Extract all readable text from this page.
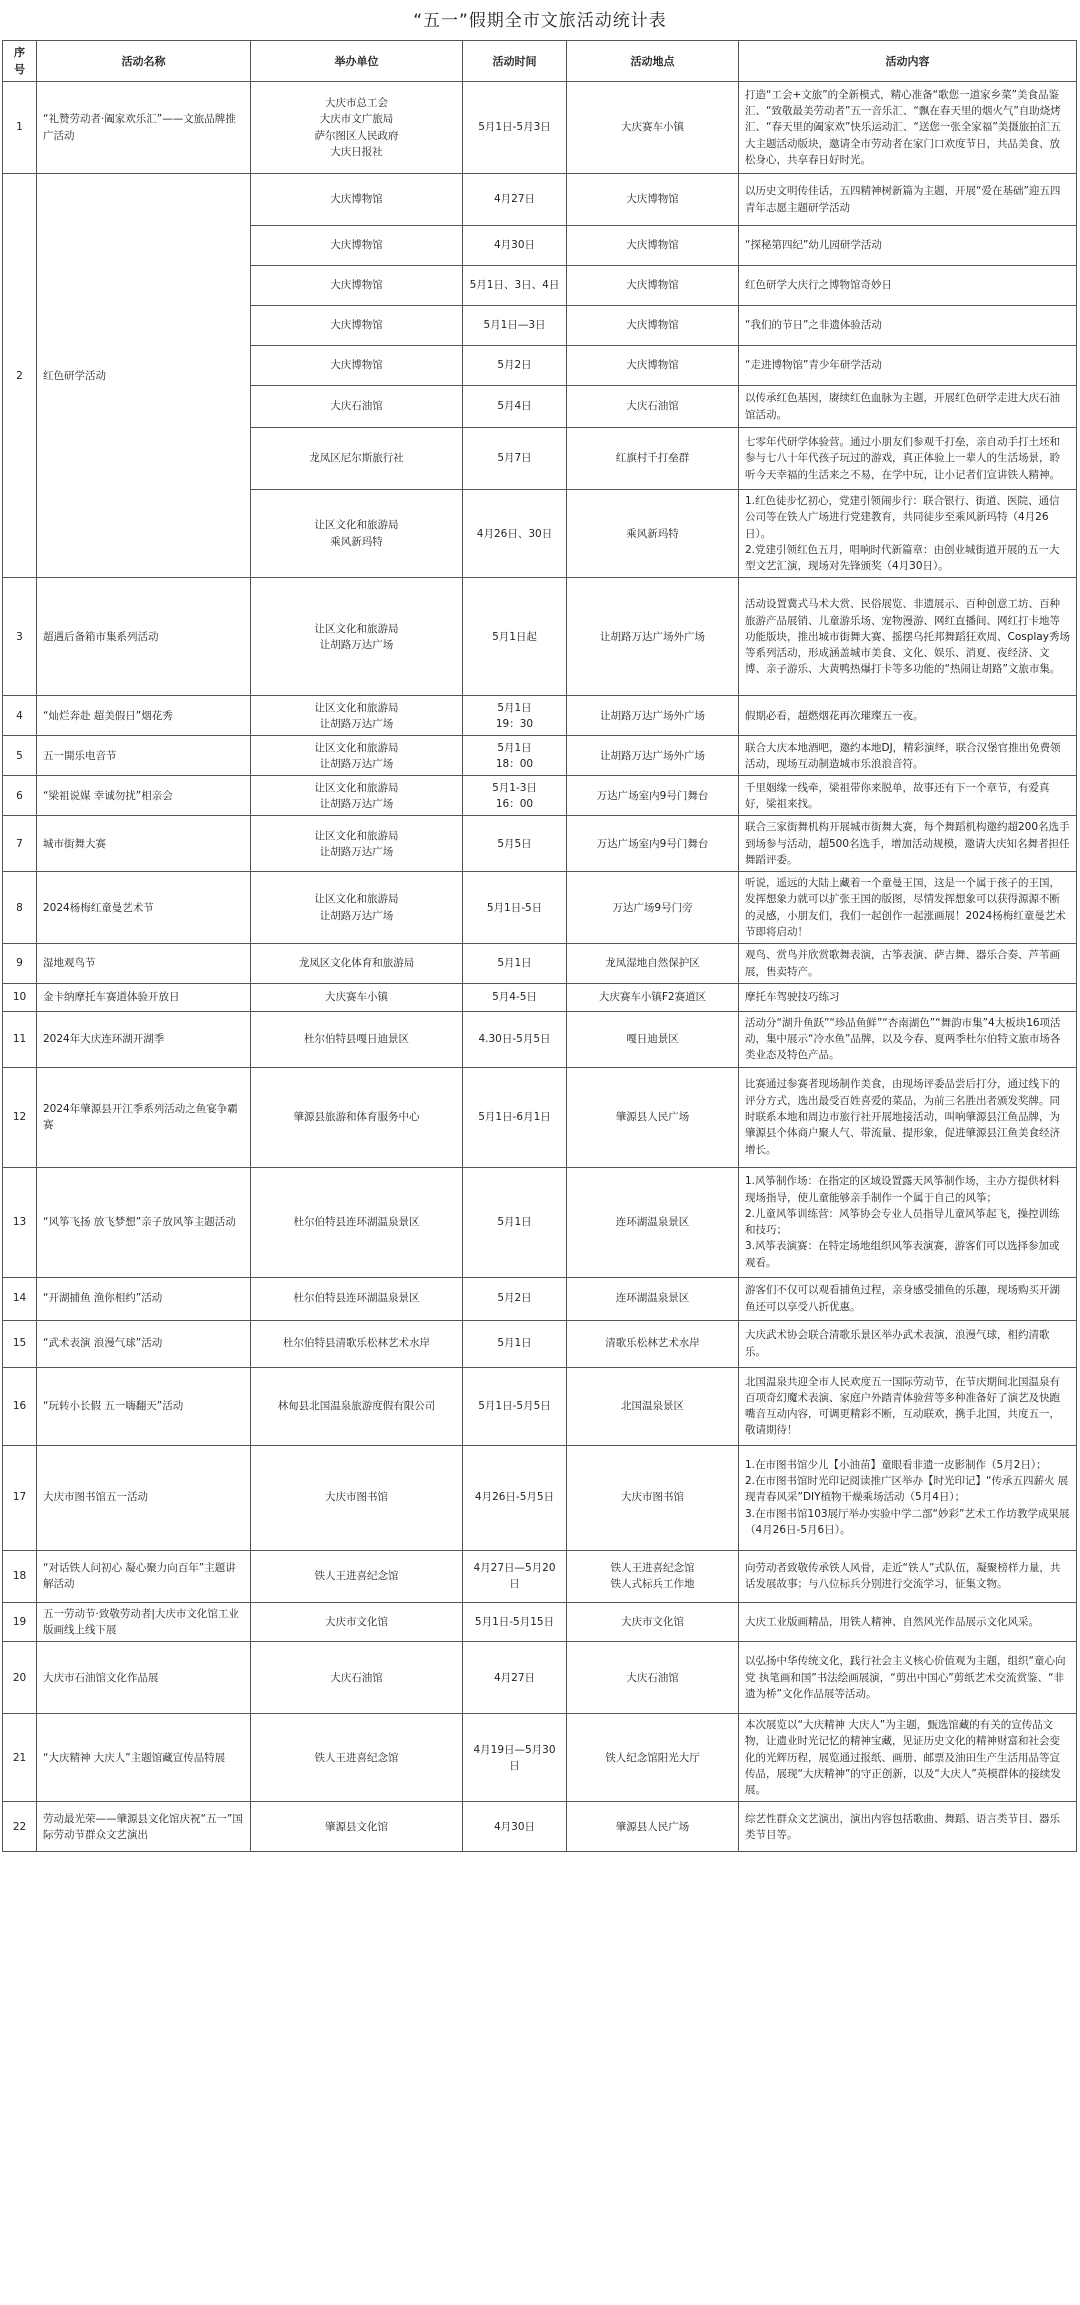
“五一”假期全市文旅活动统计表
序号	活动名称	举办单位	活动时间	活动地点	活动内容
1	“礼赞劳动者·阖家欢乐汇”——文旅品牌推广活动	大庆市总工会
大庆市文广旅局
萨尔图区人民政府
大庆日报社	5月1日-5月3日	大庆赛车小镇	打造“工会+文旅”的全新模式，精心准备“歌您一道家乡菜”美食品鉴汇、“致敬最美劳动者”五一音乐汇、“飘在春天里的烟火气”自助烧烤汇、“春天里的阖家欢”快乐运动汇、“送您一张全家福”美摄旅拍汇五大主题活动版块，邀请全市劳动者在家门口欢度节日，共品美食、放松身心，共享春日好时光。
2	红色研学活动	大庆博物馆	4月27日	大庆博物馆	以历史文明传佳话，五四精神树新篇为主题，开展“爱在基础”迎五四青年志愿主题研学活动
		大庆博物馆	4月30日	大庆博物馆	“探秘第四纪”幼儿园研学活动
		大庆博物馆	5月1日、3日、4日	大庆博物馆	红色研学大庆行之博物馆奇妙日
		大庆博物馆	5月1日—3日	大庆博物馆	“我们的节日”之非遗体验活动
		大庆博物馆	5月2日	大庆博物馆	“走进博物馆”青少年研学活动
		大庆石油馆	5月4日	大庆石油馆	以传承红色基因，赓续红色血脉为主题，开展红色研学走进大庆石油馆活动。
		龙凤区尼尔斯旅行社	5月7日	红旗村千打垒群	七零年代研学体验营。通过小朋友们参观千打垒，亲自动手打土坯和参与七八十年代孩子玩过的游戏，真正体验上一辈人的生活场景，聆听今天幸福的生活来之不易，在学中玩，让小记者们宣讲铁人精神。
		让区文化和旅游局
乘风新玛特	4月26日、30日	乘风新玛特	1.红色徒步忆初心，党建引领闹步行：联合银行、街道、医院、通信公司等在铁人广场进行党建教育，共同徒步至乘风新玛特（4月26日）。
2.党建引领红色五月，唱响时代新篇章：由创业城街道开展的五一大型文艺汇演，现场对先锋颁奖（4月30日）。
3	超遇后备箱市集系列活动	让区文化和旅游局
让胡路万达广场	5月1日起	让胡路万达广场外广场	活动设置冀式马术大赏、民俗展览、非遗展示、百种创意工坊、百种旅游产品展销、儿童游乐场、宠物漫游、网红直播间、网红打卡地等功能版块，推出城市街舞大赛、摇摆乌托邦舞蹈狂欢周、Cosplay秀场等系列活动，形成涵盖城市美食、文化、娱乐、消夏、夜经济、文博、亲子游乐、大黄鸭热爆打卡等多功能的“热闹让胡路”文旅市集。
4	“灿烂奔赴 超美假日”烟花秀	让区文化和旅游局
让胡路万达广场	5月1日
19：30	让胡路万达广场外广场	假期必看，超燃烟花再次璀璨五一夜。
5	五一開乐电音节	让区文化和旅游局
让胡路万达广场	5月1日
18：00	让胡路万达广场外广场	联合大庆本地酒吧，邀约本地DJ，精彩演绎，联合汉堡官推出免费领活动，现场互动制造城市乐浪浪音符。
6	“梁祖说媒 幸诚勿扰”相亲会	让区文化和旅游局
让胡路万达广场	5月1-3日
16：00	万达广场室内9号门舞台	千里姻缘一线牵，梁祖带你来脱单，故事还有下一个章节，有爱真好，梁祖来找。
7	城市街舞大赛	让区文化和旅游局
让胡路万达广场	5月5日	万达广场室内9号门舞台	联合三家街舞机构开展城市街舞大赛，每个舞蹈机构邀约超200名选手到场参与活动，超500名选手，增加活动规模，邀请大庆知名舞者担任舞蹈评委。
8	2024杨梅红童曼艺术节	让区文化和旅游局
让胡路万达广场	5月1日-5日	万达广场9号门旁	听说，遥远的大陆上藏着一个童曼王国，这是一个属于孩子的王国，发挥想象力就可以扩张王国的版图，尽情发挥想象可以获得源源不断的灵感，小朋友们，我们一起创作一起涨画展！2024杨梅红童曼艺术节即将启动！
9	湿地观鸟节	龙凤区文化体育和旅游局	5月1日	龙凤湿地自然保护区	观鸟、赏鸟并欣赏歌舞表演，古筝表演、萨吉舞、器乐合奏、芦苇画展，售卖特产。
10	金卡纳摩托车赛道体验开放日	大庆赛车小镇	5月4-5日	大庆赛车小镇F2赛道区	摩托车驾驶技巧练习
11	2024年大庆连环湖开湖季	杜尔伯特县嘎日迪景区	4.30日-5月5日	嘎日迪景区	活动分“湖升鱼跃”“珍品鱼鲜”“杏南湖色”“舞韵市集”4大板块16项活动，集中展示“冷水鱼”品牌，以及今春、夏两季杜尔伯特文旅市场各类业态及特色产品。
12	2024年肇源县开江季系列活动之鱼宴争霸赛	肇源县旅游和体育服务中心	5月1日-6月1日	肇源县人民广场	比赛通过参赛者现场制作美食，由现场评委品尝后打分，通过线下的评分方式，选出最受百姓喜爱的菜品，为前三名胜出者颁发奖牌。同时联系本地和周边市旅行社开展地接活动，叫响肇源县江鱼品牌，为肇源县个体商户聚人气、带流量、提形象，促进肇源县江鱼美食经济增长。
13	“风筝飞扬 放飞梦想”亲子放风筝主题活动	杜尔伯特县连环湖温泉景区	5月1日	连环湖温泉景区	1.风筝制作场：在指定的区域设置露天风筝制作场，主办方提供材料现场指导，使儿童能够亲手制作一个属于自己的风筝；
2.儿童风筝训练营：风筝协会专业人员指导儿童风筝起飞，操控训练和技巧；
3.风筝表演赛：在特定场地组织风筝表演赛，游客们可以选择参加或观看。
14	“开湖捕鱼 渔你相约”活动	杜尔伯特县连环湖温泉景区	5月2日	连环湖温泉景区	游客们不仅可以观看捕鱼过程，亲身感受捕鱼的乐趣，现场购买开湖鱼还可以享受八折优惠。
15	“武术表演 浪漫气球”活动	杜尔伯特县清歌乐松林艺术水岸	5月1日	清歌乐松林艺术水岸	大庆武术协会联合清歌乐景区举办武术表演，浪漫气球，相约清歌乐。
16	“玩转小长假 五一嗨翻天”活动	林甸县北国温泉旅游度假有限公司	5月1日-5月5日	北国温泉景区	北国温泉共迎全市人民欢度五一国际劳动节，在节庆期间北国温泉有百项奇幻魔术表演、家庭户外踏青体验营等多种准备好了演艺及快跑嘴音互动内容，可调更精彩不断，互动联欢，携手北国，共度五一，敬请期待！
17	大庆市图书馆五一活动	大庆市图书馆	4月26日-5月5日	大庆市图书馆	1.在市图书馆少儿【小油苗】童眼看非遗一皮影制作（5月2日）；
2.在市图书馆时光印记阅读推广区举办【时光印记】“传承五四薪火 展现青春风采”DIY植物干燥乘场活动（5月4日）；
3.在市图书馆103展厅举办实验中学二部“妙彩”艺术工作坊教学成果展（4月26日-5月6日）。
18	“对话铁人问初心 凝心聚力向百年”主题讲解活动	铁人王进喜纪念馆	4月27日—5月20日	铁人王进喜纪念馆
铁人式标兵工作地	向劳动者致敬传承铁人风骨，走近“铁人”式队伍，凝聚榜样力量，共话发展故事；与八位标兵分别进行交流学习，征集文物。
19	五一劳动节·致敬劳动者|大庆市文化馆工业版画线上线下展	大庆市文化馆	5月1日-5月15日	大庆市文化馆	大庆工业版画精品，用铁人精神、自然风光作品展示文化风采。
20	大庆市石油馆文化作品展	大庆石油馆	4月27日	大庆石油馆	以弘扬中华传统文化，践行社会主义核心价值观为主题，组织“童心向党 执笔画和国”书法绘画展演，“剪出中国心”剪纸艺术交流赏鉴、“非遗为桥”文化作品展等活动。
21	“大庆精神 大庆人”主题馆藏宣传品特展	铁人王进喜纪念馆	4月19日—5月30日	铁人纪念馆阳光大厅	本次展览以“大庆精神 大庆人”为主题，甄选馆藏的有关的宣传品文物，让遗业时光记忆的精神宝藏，见证历史文化的精神财富和社会变化的光辉历程，展览通过报纸、画册、邮票及油田生产生活用品等宣传品，展现“大庆精神”的守正创新，以及“大庆人”英模群体的接续发展。
22	劳动最光荣——肇源县文化馆庆祝“五一”国际劳动节群众文艺演出	肇源县文化馆	4月30日	肇源县人民广场	综艺性群众文艺演出，演出内容包括歌曲、舞蹈、语言类节目、器乐类节目等。
